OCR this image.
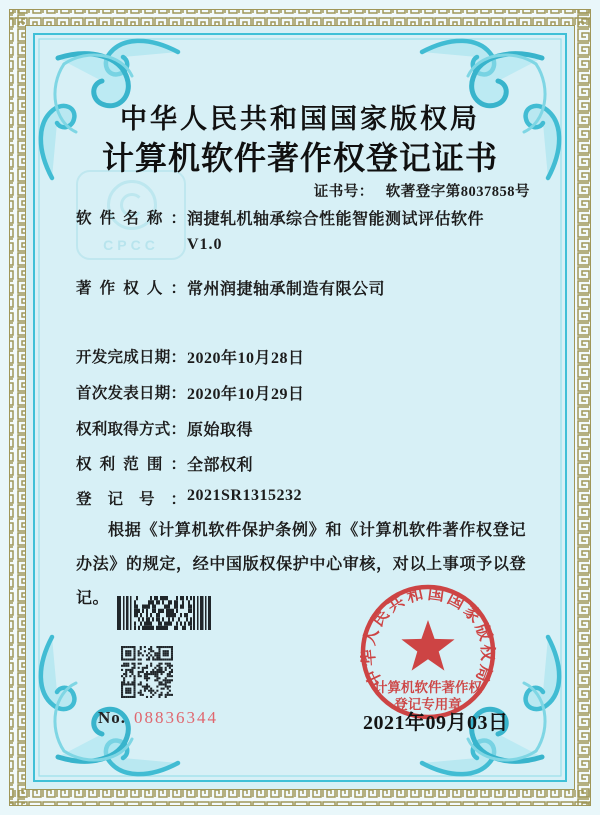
CPCC
中华人民共和国国家版权局
计算机软件著作权登记证书
证书号： 软著登字第8037858号
软件名称： 润捷轧机轴承综合性能智能测试评估软件
V1.0
著作权人： 常州润捷轴承制造有限公司
开发完成日期： 2020年10月28日
首次发表日期： 2020年10月29日
权利取得方式： 原始取得
权利范围： 全部权利
登记号： 2021SR1315232
根据《计算机软件保护条例》和《计算机软件著作权登记办法》的规定，经中国版权保护中心审核，对以上事项予以登记。
No. 08836344
中华人民共和国国家版权局
计算机软件著作权
登记专用章
2021年09月03日
